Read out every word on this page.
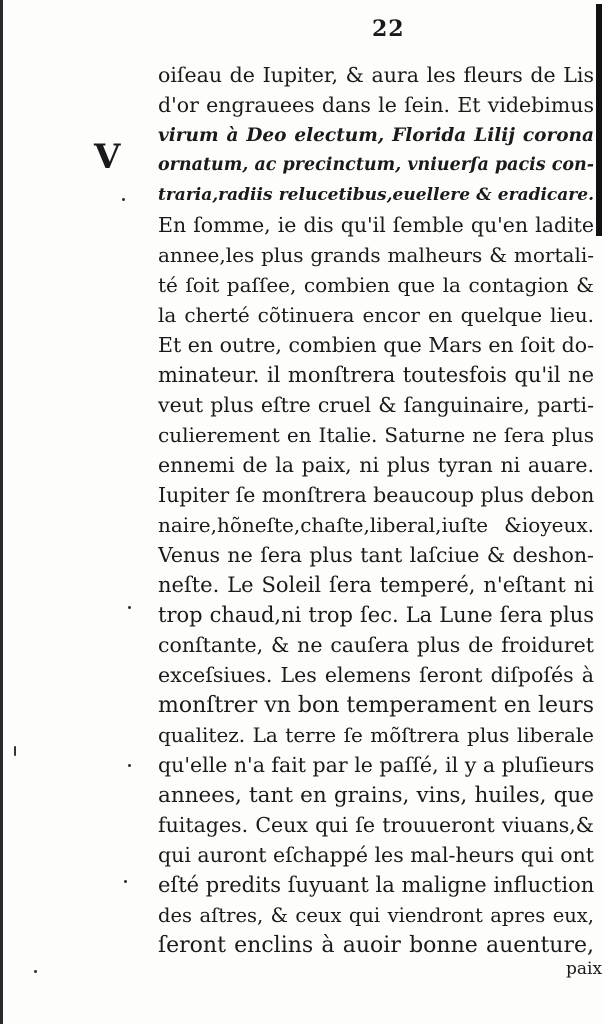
22
V
oiſeau de Iupiter, & aura les fleurs de Lis
d'or engrauees dans le ſein. Et videbimus
virum à Deo electum, Florida Lilij corona
ornatum, ac precinctum, vniuerſa pacis con-
traria,radiis relucetibus,euellere & eradicare.
En ſomme, ie dis qu'il ſemble qu'en ladite
annee,les plus grands malheurs & mortali-
té ſoit paſſee, combien que la contagion &
la cherté cõtinuera encor en quelque lieu.
Et en outre, combien que Mars en ſoit do-
minateur. il monſtrera toutesfois qu'il ne
veut plus eſtre cruel & ſanguinaire, parti-
culierement en Italie. Saturne ne ſera plus
ennemi de la paix, ni plus tyran ni auare.
Iupiter ſe monſtrera beaucoup plus debon
naire,hõneſte,chaſte,liberal,iuſte &ioyeux.
Venus ne ſera plus tant laſciue & deshon-
neſte. Le Soleil ſera temperé, n'eſtant ni
trop chaud,ni trop ſec. La Lune ſera plus
conſtante, & ne cauſera plus de froiduret
exceſsiues. Les elemens ſeront diſpoſés à
monſtrer vn bon temperament en leurs
qualitez. La terre ſe mõſtrera plus liberale
qu'elle n'a fait par le paſſé, il y a pluſieurs
annees, tant en grains, vins, huiles, que
fuitages. Ceux qui ſe trouueront viuans,&
qui auront eſchappé les mal-heurs qui ont
eſté predits ſuyuant la maligne influction
des aſtres, & ceux qui viendront apres eux,
ſeront enclins à auoir bonne auenture,
paix
